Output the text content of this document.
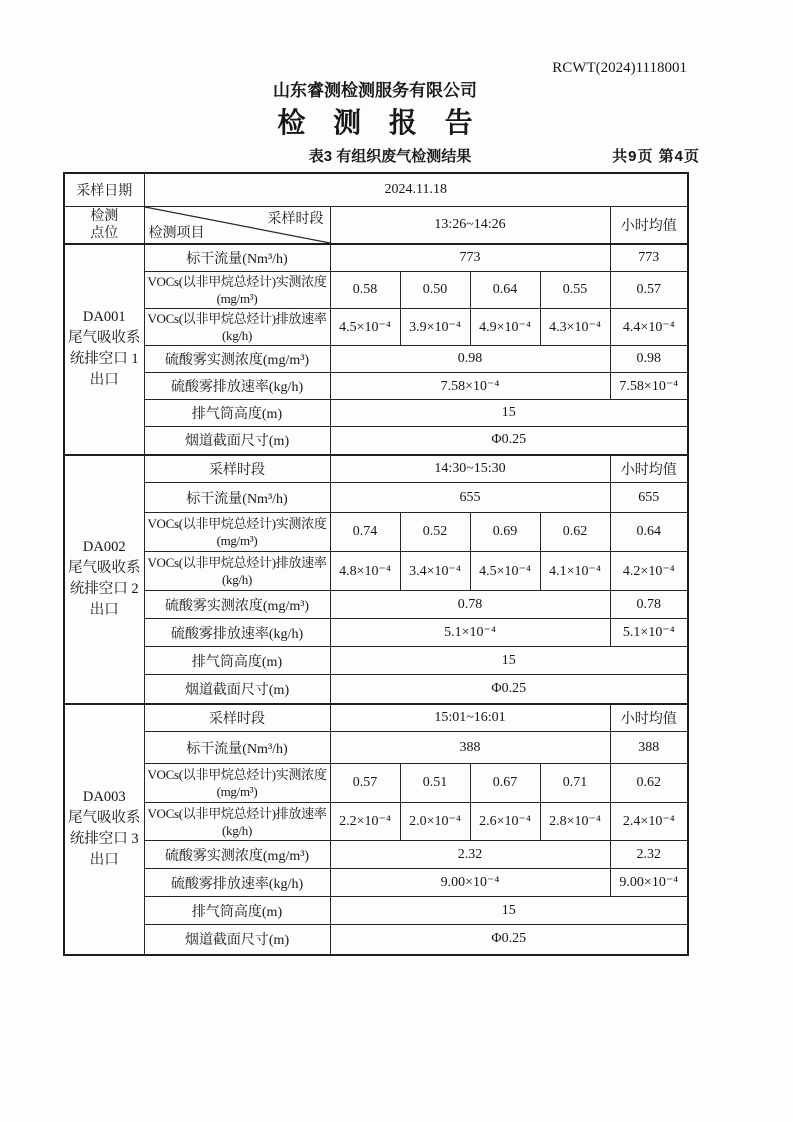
RCWT(2024)1118001
山东睿测检测服务有限公司
检 测 报 告
表3 有组织废气检测结果	共9页 第4页
采样日期	2024.11.18					

检测
点位

采样时段
检测项目
	13:26~14:26	小时均值

DA001
尾气吸收系
统排空口 1
出口	标干流量(Nm³/h)	773				773

	VOCs(以非甲烷总烃计)实测浓度
(mg/m³)	0.58	0.50	0.64	0.55	0.57

	VOCs(以非甲烷总烃计)排放速率
(kg/h)	4.5×10⁻⁴	3.9×10⁻⁴	4.9×10⁻⁴	4.3×10⁻⁴	4.4×10⁻⁴
	硫酸雾实测浓度(mg/m³)	0.98				0.98
	硫酸雾排放速率(kg/h)	7.58×10⁻⁴				7.58×10⁻⁴
	排气筒高度(m)	15				
	烟道截面尺寸(m)	Φ0.25				

DA002
尾气吸收系
统排空口 2
出口	采样时段	14:30~15:30				小时均值
	标干流量(Nm³/h)	655				655

	VOCs(以非甲烷总烃计)实测浓度
(mg/m³)	0.74	0.52	0.69	0.62	0.64

	VOCs(以非甲烷总烃计)排放速率
(kg/h)	4.8×10⁻⁴	3.4×10⁻⁴	4.5×10⁻⁴	4.1×10⁻⁴	4.2×10⁻⁴
	硫酸雾实测浓度(mg/m³)	0.78				0.78
	硫酸雾排放速率(kg/h)	5.1×10⁻⁴				5.1×10⁻⁴
	排气筒高度(m)	15				
	烟道截面尺寸(m)	Φ0.25				

DA003
尾气吸收系
统排空口 3
出口	采样时段	15:01~16:01				小时均值
	标干流量(Nm³/h)	388				388

	VOCs(以非甲烷总烃计)实测浓度
(mg/m³)	0.57	0.51	0.67	0.71	0.62

	VOCs(以非甲烷总烃计)排放速率
(kg/h)	2.2×10⁻⁴	2.0×10⁻⁴	2.6×10⁻⁴	2.8×10⁻⁴	2.4×10⁻⁴
	硫酸雾实测浓度(mg/m³)	2.32				2.32
	硫酸雾排放速率(kg/h)	9.00×10⁻⁴				9.00×10⁻⁴
	排气筒高度(m)	15				
	烟道截面尺寸(m)	Φ0.25				
